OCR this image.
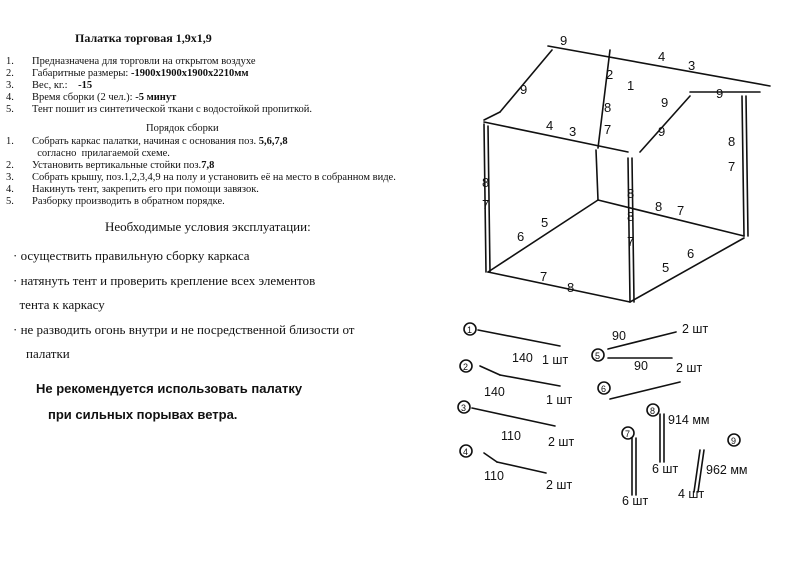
Палатка торговая 1,9х1,9
1. Предназначена для торговли на открытом воздухе
2. Габаритные размеры: -1900х1900х1900х2210мм
3. Вес, кг.:    -15
4. Время сборки (2 чел.): -5 минут
5. Тент пошит из синтетической ткани с водостойкой пропиткой.
Порядок сборки
1. Собрать каркас палатки, начиная с основания поз. 5,6,7,8
согласно  прилагаемой схеме.
2. Установить вертикальные стойки поз.7,8
3. Собрать крышу, поз.1,2,3,4,9 на полу и установить её на место в собранном виде.
4. Накинуть тент, закрепить его при помощи завязок.
5. Разборку производить в обратном порядке.
Необходимые условия эксплуатации:
· осуществить правильную сборку каркаса
· натянуть тент и проверить крепление всех элементов
тента к каркасу
· не разводить огонь внутри и не посредственной близости от
палатки
Не рекомендуется использовать палатку
при сильных порывах ветра.
9
4
3
2
1
9	9
9
8
4 3 7	9
8
7
8
7
8
8 7
8
5
6	7
6
5
7
8
1
140 1 шт
2
140
1 шт
3
110 2 шт
4
110
2 шт
5
90	2 шт
90 2 шт
6
7
6 шт
8
914 мм
6 шт
9
962 мм
4 шт
